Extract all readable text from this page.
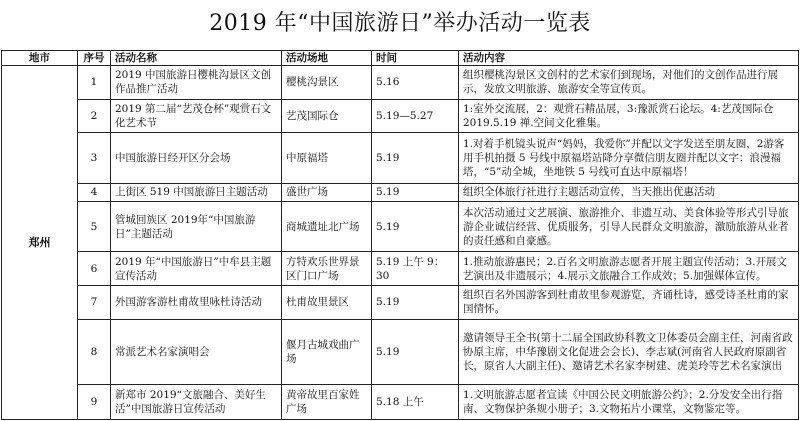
2019 年“中国旅游日”举办活动一览表
地市	序号	活动名称	活动场地	时间	活动内容
郑州	1	2019 中国旅游日樱桃沟景区文创作品推广活动	樱桃沟景区	5.16	组织樱桃沟景区文创村的艺术家们到现场，对他们的文创作品进行展示，发放文明旅游、旅游安全等宣传页。
	2	2019 第二届“艺茂仓杯”观赏石文化艺术节	艺茂国际仓	5.19—5.27	1:室外交流展，2：观赏石精品展，3:豫派赏石论坛。4:艺茂国际仓 2019.5.19 禅.空间文化雅集。
	3	中国旅游日经开区分会场	中原福塔	5.19	1.对着手机镜头说声“妈妈，我爱你”并配以文字发送至朋友圈，2游客用手机拍摄 5 号线中原福塔站降分享微信朋友圈并配以文字：浪漫福塔，“5”动全城，坐地铁 5 号线可直达中原福塔！
	4	上街区 519 中国旅游日主题活动	盛世广场	5.19	组织全体旅行社进行主题活动宣传，当天推出优惠活动
	5	管城回族区 2019年“中国旅游日”主题活动	商城遗址北广场	5.19	本次活动通过文艺展演、旅游推介、非遗互动、美食体验等形式引导旅游企业诚信经营、优质服务，引导人民群众文明旅游，激励旅游从业者的责任感和自豪感。
	6	2019 年“中国旅游日”中牟县主题宣传活动	方特欢乐世界景区门口广场	5.19 上午 9：30	1.推动旅游惠民；2.百名文明旅游志愿者开展主题宣传活动；3.开展文艺演出及非遗展示；4.展示文旅融合工作成效；5.加强媒体宣传。
	7	外国游客游杜甫故里咏杜诗活动	杜甫故里景区	5.19	组织百名外国游客到杜甫故里参观游览，齐诵杜诗，感受诗圣杜甫的家国情怀。
	8	常派艺术名家演唱会	偃月古城戏曲广场	5.19	邀请领导王全书(第十二届全国政协科教文卫体委员会副主任，河南省政协原主席，中华豫剧文化促进会会长)、李志斌(河南省人民政府原副省长，原省人大副主任)、邀请艺术名家李树建、虎美玲等艺术名家演出
	9	新郑市 2019“文旅融合、美好生活”中国旅游日宣传活动	黄帝故里百家姓广场	5.18 上午	1.文明旅游志愿者宣读《中国公民文明旅游公约》；2.分发安全出行指南、文物保护条规小册子；3.文物拓片小课堂，文物鉴定等。
